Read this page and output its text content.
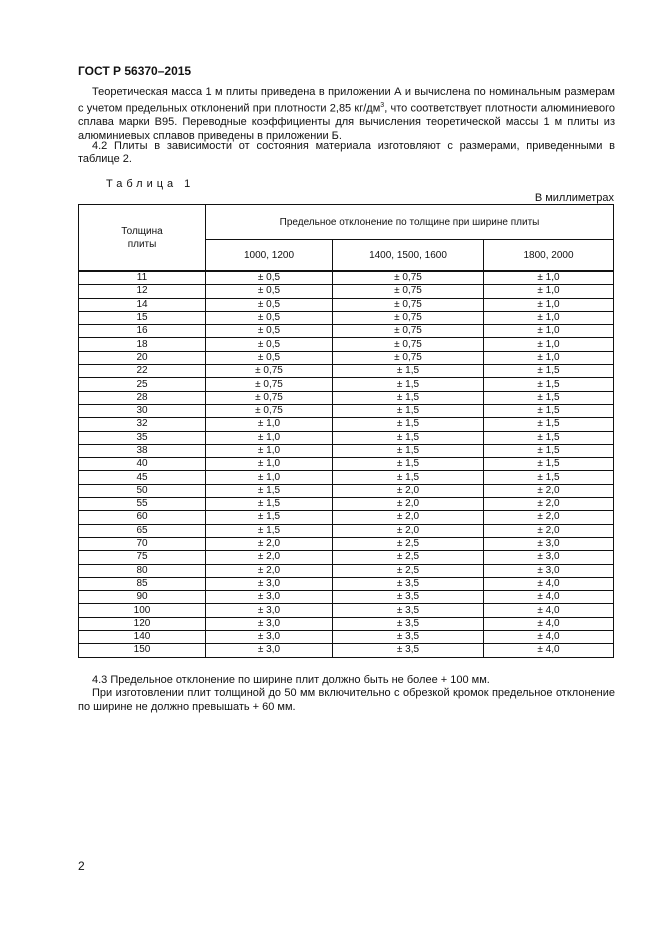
ГОСТ Р 56370–2015

Теоретическая масса 1 м плиты приведена в приложении А и вычислена по номинальным размерам с учетом предельных отклонений при плотности 2,85 $кг/дм^3$, что соответствует плотности алюминиевого сплава марки В95. Переводные коэффициенты для вычисления теоретической массы 1 м плиты из алюминиевых сплавов приведены в приложении Б.

4.2 Плиты в зависимости от состояния материала изготовляют с размерами, приведенными в таблице 2.

Таблица 1
В миллиметрах
Толщина плиты	Предельное отклонение по толщине при ширине плиты		
	1000, 1200	1400, 1500, 1600	1800, 2000
11	± 0,5	± 0,75	± 1,0
12	± 0,5	± 0,75	± 1,0
14	± 0,5	± 0,75	± 1,0
15	± 0,5	± 0,75	± 1,0
16	± 0,5	± 0,75	± 1,0
18	± 0,5	± 0,75	± 1,0
20	± 0,5	± 0,75	± 1,0
22	± 0,75	± 1,5	± 1,5
25	± 0,75	± 1,5	± 1,5
28	± 0,75	± 1,5	± 1,5
30	± 0,75	± 1,5	± 1,5
32	± 1,0	± 1,5	± 1,5
35	± 1,0	± 1,5	± 1,5
38	± 1,0	± 1,5	± 1,5
40	± 1,0	± 1,5	± 1,5
45	± 1,0	± 1,5	± 1,5
50	± 1,5	± 2,0	± 2,0
55	± 1,5	± 2,0	± 2,0
60	± 1,5	± 2,0	± 2,0
65	± 1,5	± 2,0	± 2,0
70	± 2,0	± 2,5	± 3,0
75	± 2,0	± 2,5	± 3,0
80	± 2,0	± 2,5	± 3,0
85	± 3,0	± 3,5	± 4,0
90	± 3,0	± 3,5	± 4,0
100	± 3,0	± 3,5	± 4,0
120	± 3,0	± 3,5	± 4,0
140	± 3,0	± 3,5	± 4,0
150	± 3,0	± 3,5	± 4,0

4.3 Предельное отклонение по ширине плит должно быть не более + 100 мм.

При изготовлении плит толщиной до 50 мм включительно с обрезкой кромок предельное отклонение по ширине не должно превышать + 60 мм.

2
